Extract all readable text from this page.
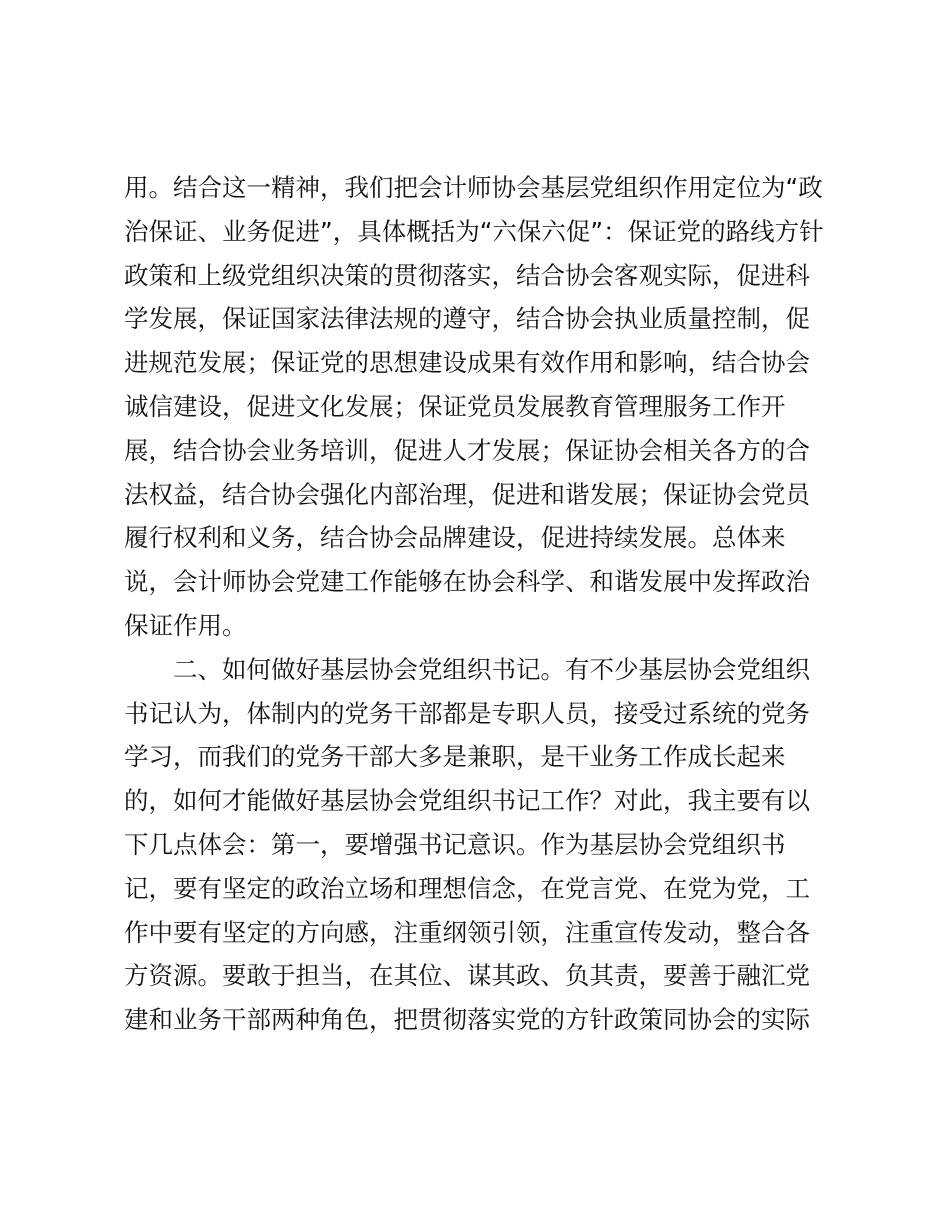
用。结合这一精神，我们把会计师协会基层党组织作用定位为“政
治保证、业务促进”，具体概括为“六保六促”：保证党的路线方针
政策和上级党组织决策的贯彻落实，结合协会客观实际，促进科
学发展，保证国家法律法规的遵守，结合协会执业质量控制，促
进规范发展；保证党的思想建设成果有效作用和影响，结合协会
诚信建设，促进文化发展；保证党员发展教育管理服务工作开
展，结合协会业务培训，促进人才发展；保证协会相关各方的合
法权益，结合协会强化内部治理，促进和谐发展；保证协会党员
履行权利和义务，结合协会品牌建设，促进持续发展。总体来
说，会计师协会党建工作能够在协会科学、和谐发展中发挥政治
保证作用。
二、如何做好基层协会党组织书记。有不少基层协会党组织
书记认为，体制内的党务干部都是专职人员，接受过系统的党务
学习，而我们的党务干部大多是兼职，是干业务工作成长起来
的，如何才能做好基层协会党组织书记工作？对此，我主要有以
下几点体会：第一，要增强书记意识。作为基层协会党组织书
记，要有坚定的政治立场和理想信念，在党言党、在党为党，工
作中要有坚定的方向感，注重纲领引领，注重宣传发动，整合各
方资源。要敢于担当，在其位、谋其政、负其责，要善于融汇党
建和业务干部两种角色，把贯彻落实党的方针政策同协会的实际
